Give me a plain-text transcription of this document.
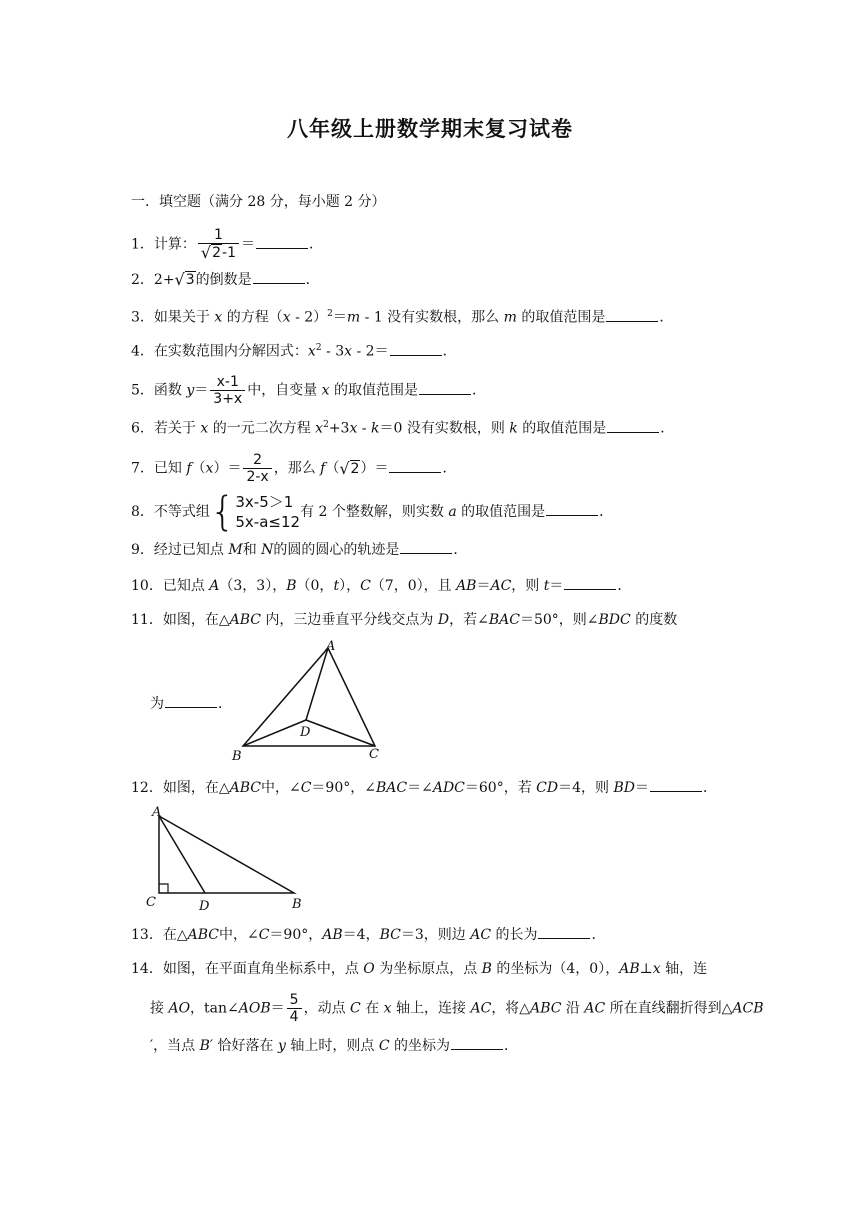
八年级上册数学期末复习试卷
一．填空题（满分 28 分，每小题 2 分）
1．计算： $\frac{1}{√ 2 -1}$ ＝	．
2．2+ √ 3 的倒数是	．
3．如果关于 x 的方程（x - 2）$^2$＝m - 1 没有实数根，那么 m 的取值范围是	．
4．在实数范围内分解因式：$x^2 - 3x - 2=$	．
5．函数 $y= \frac{x-1}{3+x}$ 中，自变量 x 的取值范围是	．
6．若关于 x 的一元二次方程 $x^2+3x - k=0$ 没有实数根，则 k 的取值范围是	．
7．已知 $f(x)= \frac{2}{2-x}$ ，那么 f（ √ 2 ）＝	．
8．不等式组 { 3x-5＞1
5x-a≤12
有 2 个整数解，则实数 a 的取值范围是	．
9．经过已知点 M和 N的圆的圆心的轨迹是	．
10．已知点 A（3，3），B（0，t），C（7，0），且 AB＝AC，则 t＝	．
11．如图，在△ABC 内，三边垂直平分线交点为 D，若∠BAC＝50°，则∠BDC 的度数
为	．
A
B	C
D
12．如图，在△ABC中，∠C＝90°，∠BAC＝∠ADC＝60°，若 CD＝4，则 BD＝	．
A
C	D	B
13．在△ABC中，∠C＝90°，AB＝4，BC＝3，则边 AC 的长为	．
14．如图，在平面直角坐标系中，点 O 为坐标原点，点 B 的坐标为（4，0），AB⊥x 轴，连
接 AO，tan∠AOB＝ $\frac{5}{4}$ ，动点 C 在 x 轴上，连接 AC，将△ABC 沿 AC 所在直线翻折得到△ACB
′，当点 B′ 恰好落在 y 轴上时，则点 C 的坐标为	．
